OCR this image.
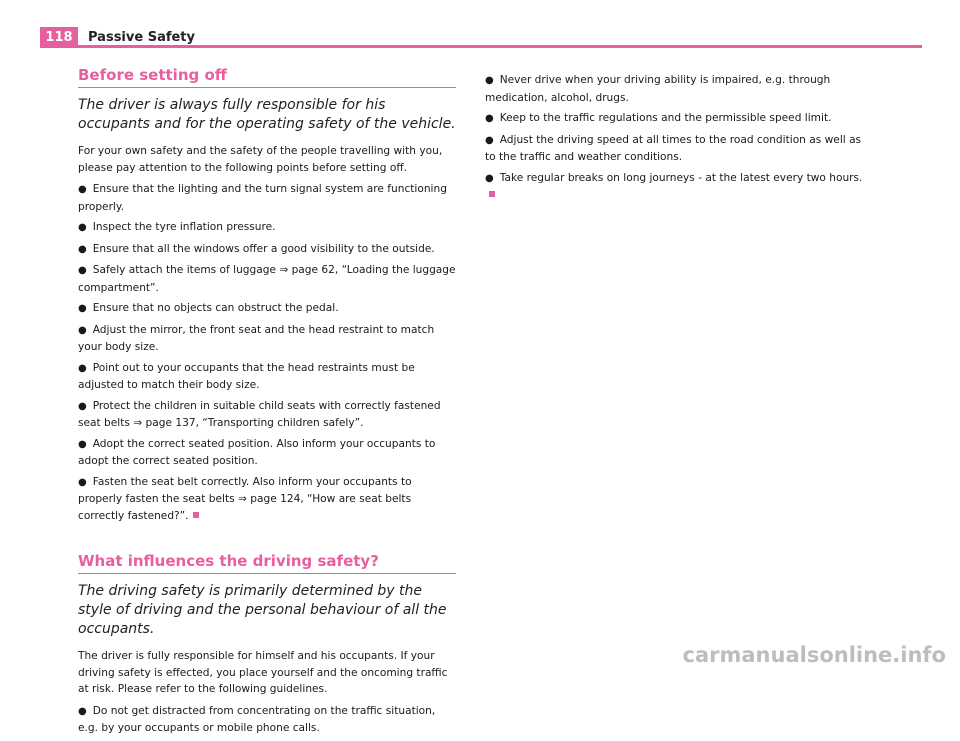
118	Passive Safety
Before setting off
The driver is always fully responsible for his occupants and for the operating safety of the vehicle.

For your own safety and the safety of the people travelling with you, please pay attention to the following points before setting off.

● Ensure that the lighting and the turn signal system are functioning properly.
● Inspect the tyre inflation pressure.
● Ensure that all the windows offer a good visibility to the outside.
● Safely attach the items of luggage ⇒ page 62, “Loading the luggage compartment”.
● Ensure that no objects can obstruct the pedal.
● Adjust the mirror, the front seat and the head restraint to match your body size.
● Point out to your occupants that the head restraints must be adjusted to match their body size.
● Protect the children in suitable child seats with correctly fastened seat belts ⇒ page 137, “Transporting children safely”.
● Adopt the correct seated position. Also inform your occupants to adopt the correct seated position.
● Fasten the seat belt correctly. Also inform your occupants to properly fasten the seat belts ⇒ page 124, “How are seat belts correctly fastened?”.
What influences the driving safety?
The driving safety is primarily determined by the style of driving and the personal behaviour of all the occupants.

The driver is fully responsible for himself and his occupants. If your driving safety is effected, you place yourself and the oncoming traffic at risk. Please refer to the following guidelines.

● Do not get distracted from concentrating on the traffic situation, e.g. by your occupants or mobile phone calls.
● Never drive when your driving ability is impaired, e.g. through medication, alcohol, drugs.
● Keep to the traffic regulations and the permissible speed limit.
● Adjust the driving speed at all times to the road condition as well as to the traffic and weather conditions.
● Take regular breaks on long journeys - at the latest every two hours.
carmanualsonline.info
